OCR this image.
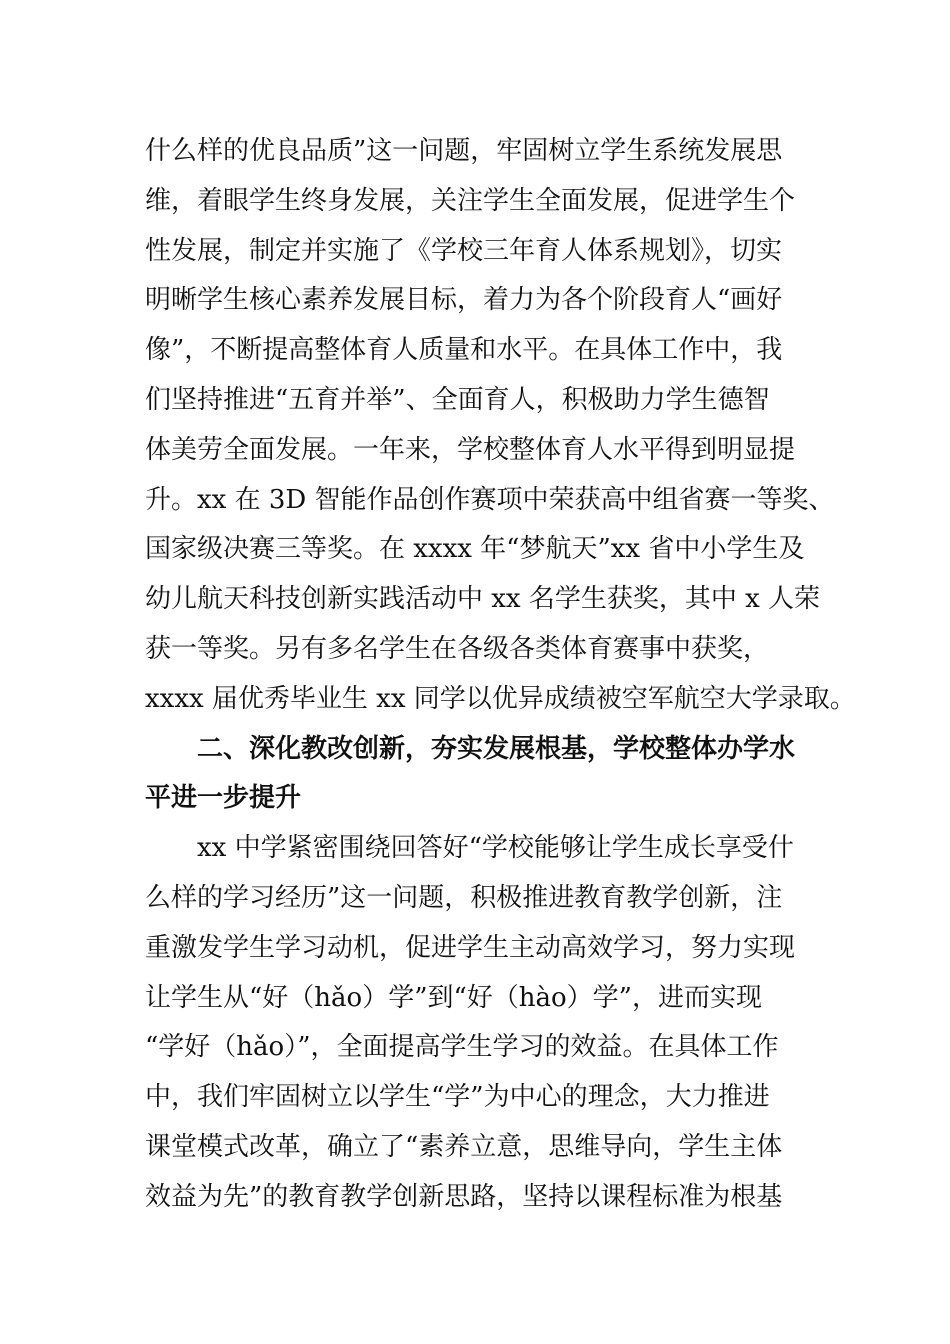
什么样的优良品质”这一问题，牢固树立学生系统发展思
维，着眼学生终身发展，关注学生全面发展，促进学生个
性发展，制定并实施了《学校三年育人体系规划》，切实
明晰学生核心素养发展目标，着力为各个阶段育人“画好
像”，不断提高整体育人质量和水平。在具体工作中，我
们坚持推进“五育并举”、全面育人，积极助力学生德智
体美劳全面发展。一年来，学校整体育人水平得到明显提
升。xx 在 3D 智能作品创作赛项中荣获高中组省赛一等奖、
国家级决赛三等奖。在 xxxx 年“梦航天”xx 省中小学生及
幼儿航天科技创新实践活动中 xx 名学生获奖，其中 x 人荣
获一等奖。另有多名学生在各级各类体育赛事中获奖，
xxxx 届优秀毕业生 xx 同学以优异成绩被空军航空大学录取。
二、深化教改创新，夯实发展根基，学校整体办学水
平进一步提升
xx 中学紧密围绕回答好“学校能够让学生成长享受什
么样的学习经历”这一问题，积极推进教育教学创新，注
重激发学生学习动机，促进学生主动高效学习，努力实现
让学生从“好（hǎo）学”到“好（hào）学”，进而实现
“学好（hǎo）”，全面提高学生学习的效益。在具体工作
中，我们牢固树立以学生“学”为中心的理念，大力推进
课堂模式改革，确立了“素养立意，思维导向，学生主体
效益为先”的教育教学创新思路，坚持以课程标准为根基
